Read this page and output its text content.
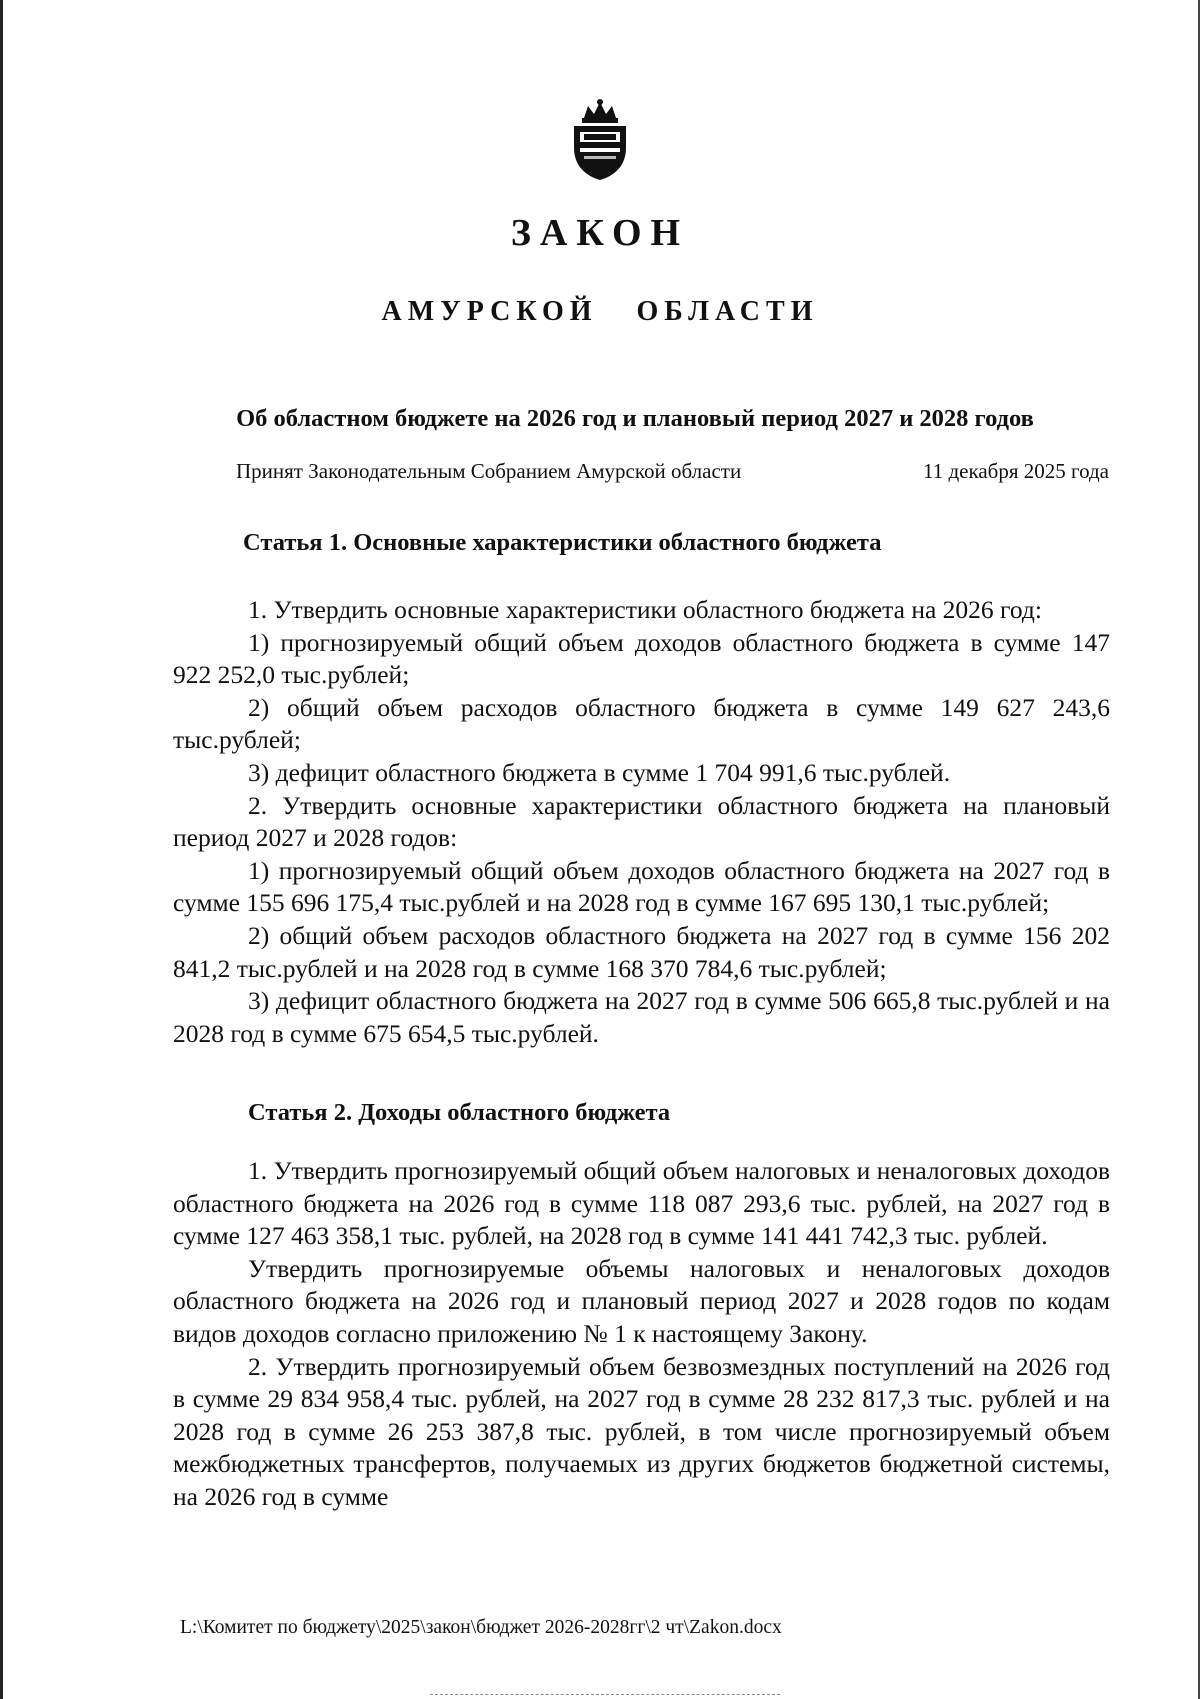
ЗАКОН
АМУРСКОЙ   ОБЛАСТИ
Об областном бюджете на 2026 год и плановый период 2027 и 2028 годов
Принят Законодательным Собранием Амурской области	11 декабря 2025 года
Статья 1. Основные характеристики областного бюджета

1. Утвердить основные характеристики областного бюджета на 2026 год:

1) прогнозируемый общий объем доходов областного бюджета в сумме 147 922 252,0 тыс.рублей;

2) общий объем расходов областного бюджета в сумме 149 627 243,6 тыс.рублей;

3) дефицит областного бюджета в сумме 1 704 991,6 тыс.рублей.

2. Утвердить основные характеристики областного бюджета на плановый период 2027 и 2028 годов:

1) прогнозируемый общий объем доходов областного бюджета на 2027 год в сумме 155 696 175,4 тыс.рублей и на 2028 год в сумме 167 695 130,1 тыс.рублей;

2) общий объем расходов областного бюджета на 2027 год в сумме 156 202 841,2 тыс.рублей и на 2028 год в сумме 168 370 784,6 тыс.рублей;

3) дефицит областного бюджета на 2027 год в сумме 506 665,8 тыс.рублей и на 2028 год в сумме 675 654,5 тыс.рублей.

Статья 2. Доходы областного бюджета

1. Утвердить прогнозируемый общий объем налоговых и неналоговых доходов областного бюджета на 2026 год в сумме 118 087 293,6 тыс. рублей, на 2027 год в сумме 127 463 358,1 тыс. рублей, на 2028 год в сумме 141 441 742,3 тыс. рублей.

Утвердить прогнозируемые объемы налоговых и неналоговых доходов областного бюджета на 2026 год и плановый период 2027 и 2028 годов по кодам видов доходов согласно приложению № 1 к настоящему Закону.

2. Утвердить прогнозируемый объем безвозмездных поступлений на 2026 год в сумме 29 834 958,4 тыс. рублей, на 2027 год в сумме 28 232 817,3 тыс. рублей и на 2028 год в сумме 26 253 387,8 тыс. рублей, в том числе прогнозируемый объем межбюджетных трансфертов, получаемых из других бюджетов бюджетной системы, на 2026 год в сумме

L:\Комитет по бюджету\2025\закон\бюджет 2026-2028гг\2 чт\Zakon.docx
